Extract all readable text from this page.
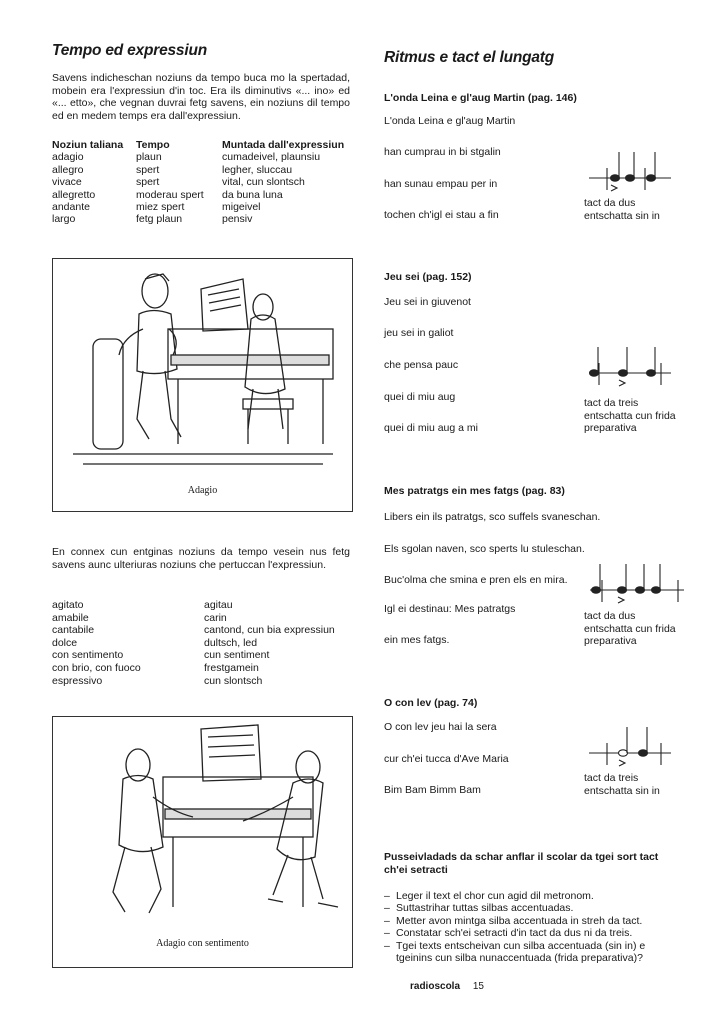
Tempo ed expressiun

Savens indicheschan noziuns da tempo buca mo la spertadad, mobein era l'expressiun d'in toc. Era ils diminutivs «... ino» ed «... etto», che vegnan duvrai fetg savens, ein noziuns dil tempo ed en medem temps era dall'expressiun.

Noziun taliana	Tempo	Muntada dall'expressiun
adagio	plaun	cumadeivel, plaunsiu
allegro	spert	legher, sluccau
vivace	spert	vital, cun slontsch
allegretto	moderau spert	da buna luna
andante	miez spert	migeivel
largo	fetg plaun	pensiv
Adagio

En connex cun entginas noziuns da tempo vesein nus fetg savens aunc ulteriuras noziuns che pertuccan l'expressiun.

agitato	agitau
amabile	carin
cantabile	cantond, cun bia expressiun
dolce	dultsch, led
con sentimento	cun sentiment
con brio, con fuoco	frestgamein
espressivo	cun slontsch
Adagio con sentimento
Ritmus e tact el lungatg
L'onda Leina e gl'aug Martin (pag. 146)
L'onda Leina e gl'aug Martin
han cumprau in bi stgalin
han sunau empau per in
tochen ch'igl ei stau a fin
tact da dus
entschatta sin in
Jeu sei (pag. 152)
Jeu sei in giuvenot
jeu sei in galiot
che pensa pauc
quei di miu aug
quei di miu aug a mi
tact da treis
entschatta cun frida
preparativa
Mes patratgs ein mes fatgs (pag. 83)
Libers ein ils patratgs, sco suffels svaneschan.
Els sgolan naven, sco sperts lu stuleschan.
Buc'olma che smina e pren els en mira.
Igl ei destinau: Mes patratgs
ein mes fatgs.
tact da dus
entschatta cun frida
preparativa
O con lev (pag. 74)
O con lev jeu hai la sera
cur ch'ei tucca d'Ave Maria
Bim Bam Bimm Bam
tact da treis
entschatta sin in
Pusseivladads da schar anflar il scolar da tgei sort tact ch'ei setracti
– Leger il text el chor cun agid dil metronom.
– Suttastrihar tuttas silbas accentuadas.
– Metter avon mintga silba accentuada in streh da tact.
– Constatar sch'ei setracti d'in tact da dus ni da treis.
– Tgei texts entscheivan cun silba accentuada (sin in) e tgeinins cun silba nunaccentuada (frida preparativa)?
radioscola 15
